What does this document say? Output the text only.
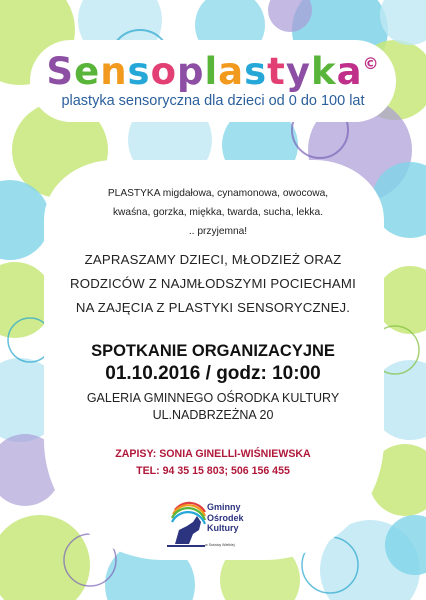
Sensoplastyka©
plastyka sensoryczna dla dzieci od 0 do 100 lat

PLASTYKA migdałowa, cynamonowa, owocowa,

kwaśna, gorzka, miękka, twarda, sucha, lekka.

.. przyjemna!

ZAPRASZAMY DZIECI, MŁODZIEŻ ORAZ

RODZICÓW Z NAJMŁODSZYMI POCIECHAMI

NA ZAJĘCIA Z PLASTYKI SENSORYCZNEJ.

SPOTKANIE ORGANIZACYJNE
01.10.2016 / godz: 10:00

GALERIA GMINNEGO OŚRODKA KULTURY

UL.NADBRZEŻNA 20

ZAPISY: SONIA GINELLI-WIŚNIEWSKA

TEL: 94 35 15 803; 506 156 455

Gminny

Ośrodek

Kultury

w Sośnicy Wielkiej
